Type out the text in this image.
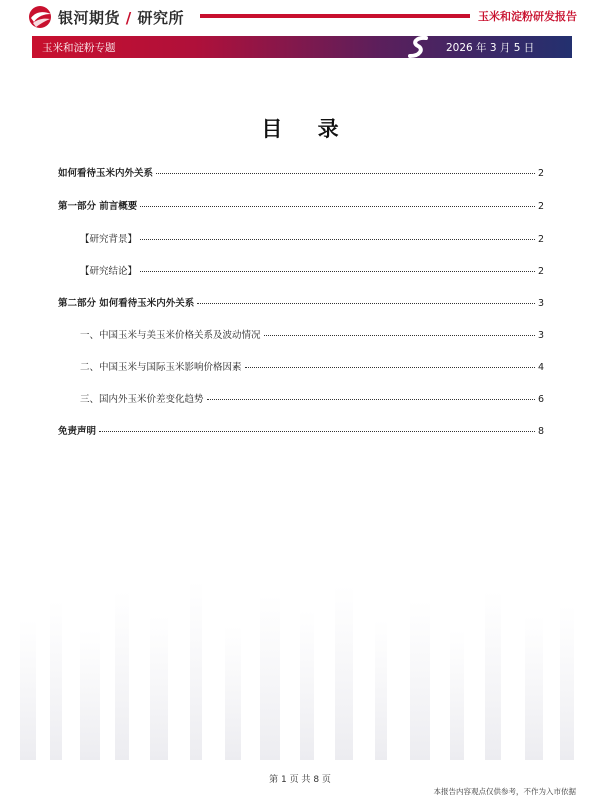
银河期货 / 研究所	玉米和淀粉研发报告
玉米和淀粉专题	2026 年 3 月 5 日
目 录
如何看待玉米内外关系	2
第一部分 前言概要	2
【研究背景】	2
【研究结论】	2
第二部分 如何看待玉米内外关系	3
一、中国玉米与美玉米价格关系及波动情况	3
二、中国玉米与国际玉米影响价格因素	4
三、国内外玉米价差变化趋势	6
免责声明	8
第 1 页 共 8 页
本报告内容观点仅供参考，不作为入市依据
